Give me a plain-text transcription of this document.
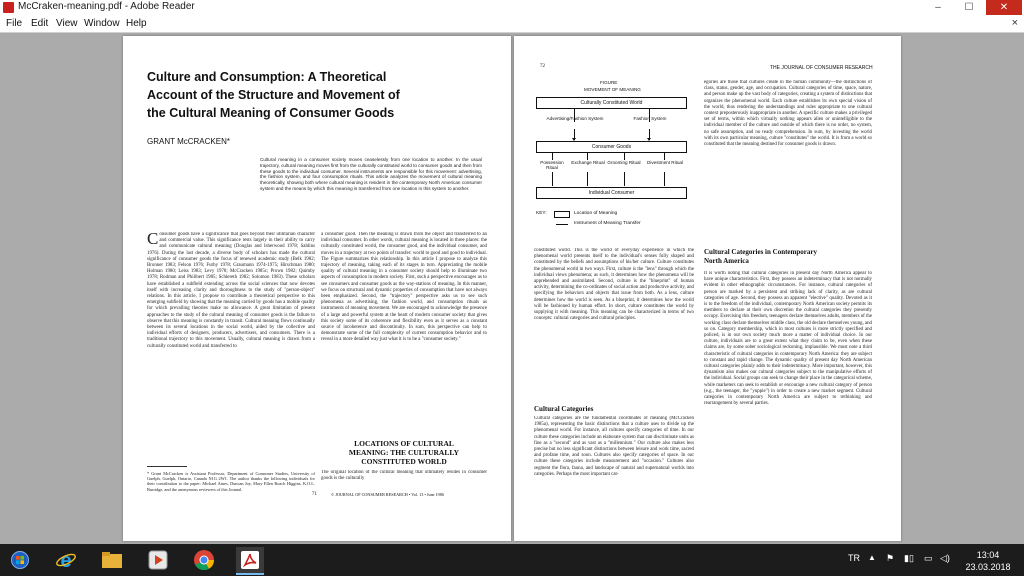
McCraken-meaning.pdf - Adobe Reader	–	☐	✕
File Edit View Window Help	×
Culture and Consumption: A Theoretical
Account of the Structure and Movement of
the Cultural Meaning of Consumer Goods
GRANT McCRACKEN*
Cultural meaning in a consumer society moves ceaselessly from one location to another. In the usual trajectory, cultural meaning moves first from the culturally constituted world to consumer goods and then from these goods to the individual consumer. Several instruments are responsible for this movement: advertising, the fashion system, and four consumption rituals. This article analyzes the movement of cultural meaning theoretically, showing both where cultural meaning is resident in the contemporary North American consumer system and the means by which this meaning is transferred from one location in this system to another.
Consumer goods have a significance that goes beyond their utilitarian character and commercial value. This significance rests largely in their ability to carry and communicate cultural meaning (Douglas and Isherwood 1978; Sahlins 1976). During the last decade, a diverse body of scholars has made the cultural significance of consumer goods the focus of renewed academic study (Belk 1982; Bronner 1983; Felson 1976; Furby 1978; Graumann 1974-1975; Hirschman 1980; Holman 1980; Leiss 1983; Levy 1978; McCracken 1985c; Prown 1982; Quimby 1978; Rodman and Philibert 1985; Schlereth 1982; Solomon 1983). These scholars have established a subfield extending across the social sciences that now devotes itself with increasing clarity and thoroughness to the study of "person-object" relations. In this article, I propose to contribute a theoretical perspective to this emerging subfield by showing that the meaning carried by goods has a mobile quality for which prevailing theories make no allowance. A great limitation of present approaches to the study of the cultural meaning of consumer goods is the failure to observe that this meaning is constantly in transit. Cultural meaning flows continually between its several locations in the social world, aided by the collective and individual efforts of designers, producers, advertisers, and consumers. There is a traditional trajectory to this movement. Usually, cultural meaning is drawn from a culturally constituted world and transferred to
* Grant McCracken is Assistant Professor, Department of Consumer Studies, University of Guelph, Guelph, Ontario, Canada N1G 2W1. The author thanks the following individuals for their contribution to the paper: Michael Ames, Duncan Joy, Mary Ellen Roach Higgins, K.O.L. Burridge, and the anonymous reviewers of this Journal.
a consumer good. Then the meaning is drawn from the object and transferred to an individual consumer. In other words, cultural meaning is located in three places: the culturally constituted world, the consumer good, and the individual consumer, and moves in a trajectory at two points of transfer: world to good and good to individual. The Figure summarizes this relationship. In this article I propose to analyze this trajectory of meaning, taking each of its stages in turn. Appreciating the mobile quality of cultural meaning in a consumer society should help to illuminate two aspects of consumption in modern society. First, such a perspective encourages us to see consumers and consumer goods as the way-stations of meaning. In this manner, we focus on structural and dynamic properties of consumption that have not always been emphasized. Second, the "trajectory" perspective asks us to see such phenomena as advertising, the fashion world, and consumption rituals as instruments of meaning movement. We are encouraged to acknowledge the presence of a large and powerful system at the heart of modern consumer society that gives this society some of its coherence and flexibility even as it serves as a constant source of incoherence and discontinuity. In sum, this perspective can help to demonstrate some of the full complexity of current consumption behavior and to reveal in a more detailed way just what it is to be a "consumer society."
LOCATIONS OF CULTURAL
MEANING: THE CULTURALLY
CONSTITUTED WORLD
The original location of the cultural meaning that ultimately resides in consumer goods is the culturally
© JOURNAL OF CONSUMER RESEARCH • Vol. 13 • June 1986
71
72	THE JOURNAL OF CONSUMER RESEARCH
FIGURE
MOVEMENT OF MEANING
Culturally Constituted World
Advertising/Fashion System	Fashion System
Consumer Goods
Possession Ritual
Exchange Ritual Grooming Ritual	Divestment Ritual
Individual Consumer
KEY:	Location of Meaning
Instrument of Meaning Transfer
constituted world. This is the world of everyday experience in which the phenomenal world presents itself to the individual's senses fully shaped and constituted by the beliefs and assumptions of his/her culture. Culture constitutes the phenomenal world in two ways. First, culture is the "lens" through which the individual views phenomena; as such, it determines how the phenomena will be apprehended and assimilated. Second, culture is the "blueprint" of human activity, determining the co-ordinates of social action and productive activity, and specifying the behaviors and objects that issue from both. As a lens, culture determines how the world is seen. As a blueprint, it determines how the world will be fashioned by human effort. In short, culture constitutes the world by supplying it with meaning. This meaning can be characterized in terms of two concepts: cultural categories and cultural principles.
Cultural Categories
Cultural categories are the fundamental coordinates of meaning (McCracken 1985a), representing the basic distinctions that a culture uses to divide up the phenomenal world. For instance, all cultures specify categories of time. In our culture these categories include an elaborate system that can discriminate units as fine as a "second" and as vast as a "millennium." Our culture also makes less precise but no less significant distinctions between leisure and work time, sacred and profane time, and soon. Cultures also specify categories of space. In our culture these categories include measurement and "occasion." Cultures also segment the flora, fauna, and landscape of natural and supernatural worlds into categories. Perhaps the most important cat-
egories are those that cultures create in the human community—the distinctions of class, status, gender, age, and occupation. Cultural categories of time, space, nature, and person make up the vast body of categories, creating a system of distinctions that organizes the phenomenal world. Each culture establishes its own special vision of the world, thus rendering the understandings and rules appropriate to one cultural context preposterously inappropriate in another. A specific culture makes a privileged set of terms, within which virtually nothing appears alien or unintelligible to the individual member of the culture and outside of which there is no order, no system, no safe assumption, and no ready comprehension. In sum, by investing the world with its own particular meaning, culture "constitutes" the world. It is from a world so constituted that the meaning destined for consumer goods is drawn.
Cultural Categories in Contemporary
North America
It is worth noting that cultural categories in present day North America appear to have unique characteristics. First, they possess an indeterminacy that is not normally evident in other ethnographic circumstances. For instance, cultural categories of person are marked by a persistent and striking lack of clarity, as are cultural categories of age. Second, they possess an apparent "elective" quality. Devoted as it is to the freedom of the individual, contemporary North American society permits its members to declare at their own discretion the cultural categories they presently occupy. Exercising this freedom, teenagers declare themselves adults, members of the working class declare themselves middle class, the old declare themselves young, and so on. Category membership, which in most cultures is more strictly specified and policed, is in our own society much more a matter of individual choice. In our culture, individuals are to a great extent what they claim to be, even when these claims are, by some sober sociological reckoning, implausible. We must note a third characteristic of cultural categories in contemporary North America: they are subject to constant and rapid change. The dynamic quality of present day North American cultural categories plainly adds to their indeterminacy. More important, however, this dynamism also makes our cultural categories subject to the manipulative efforts of the individual. Social groups can seek to change their place in the categorical scheme, while marketers can seek to establish or encourage a new cultural category of person (e.g., the teenager, the "yuppie") in order to create a new market segment. Cultural categories in contemporary North America are subject to rethinking and rearrangement by several parties.
e	TR ▲ ⚑ ▮▯ ▭ ◁)	13:04
23.03.2018
